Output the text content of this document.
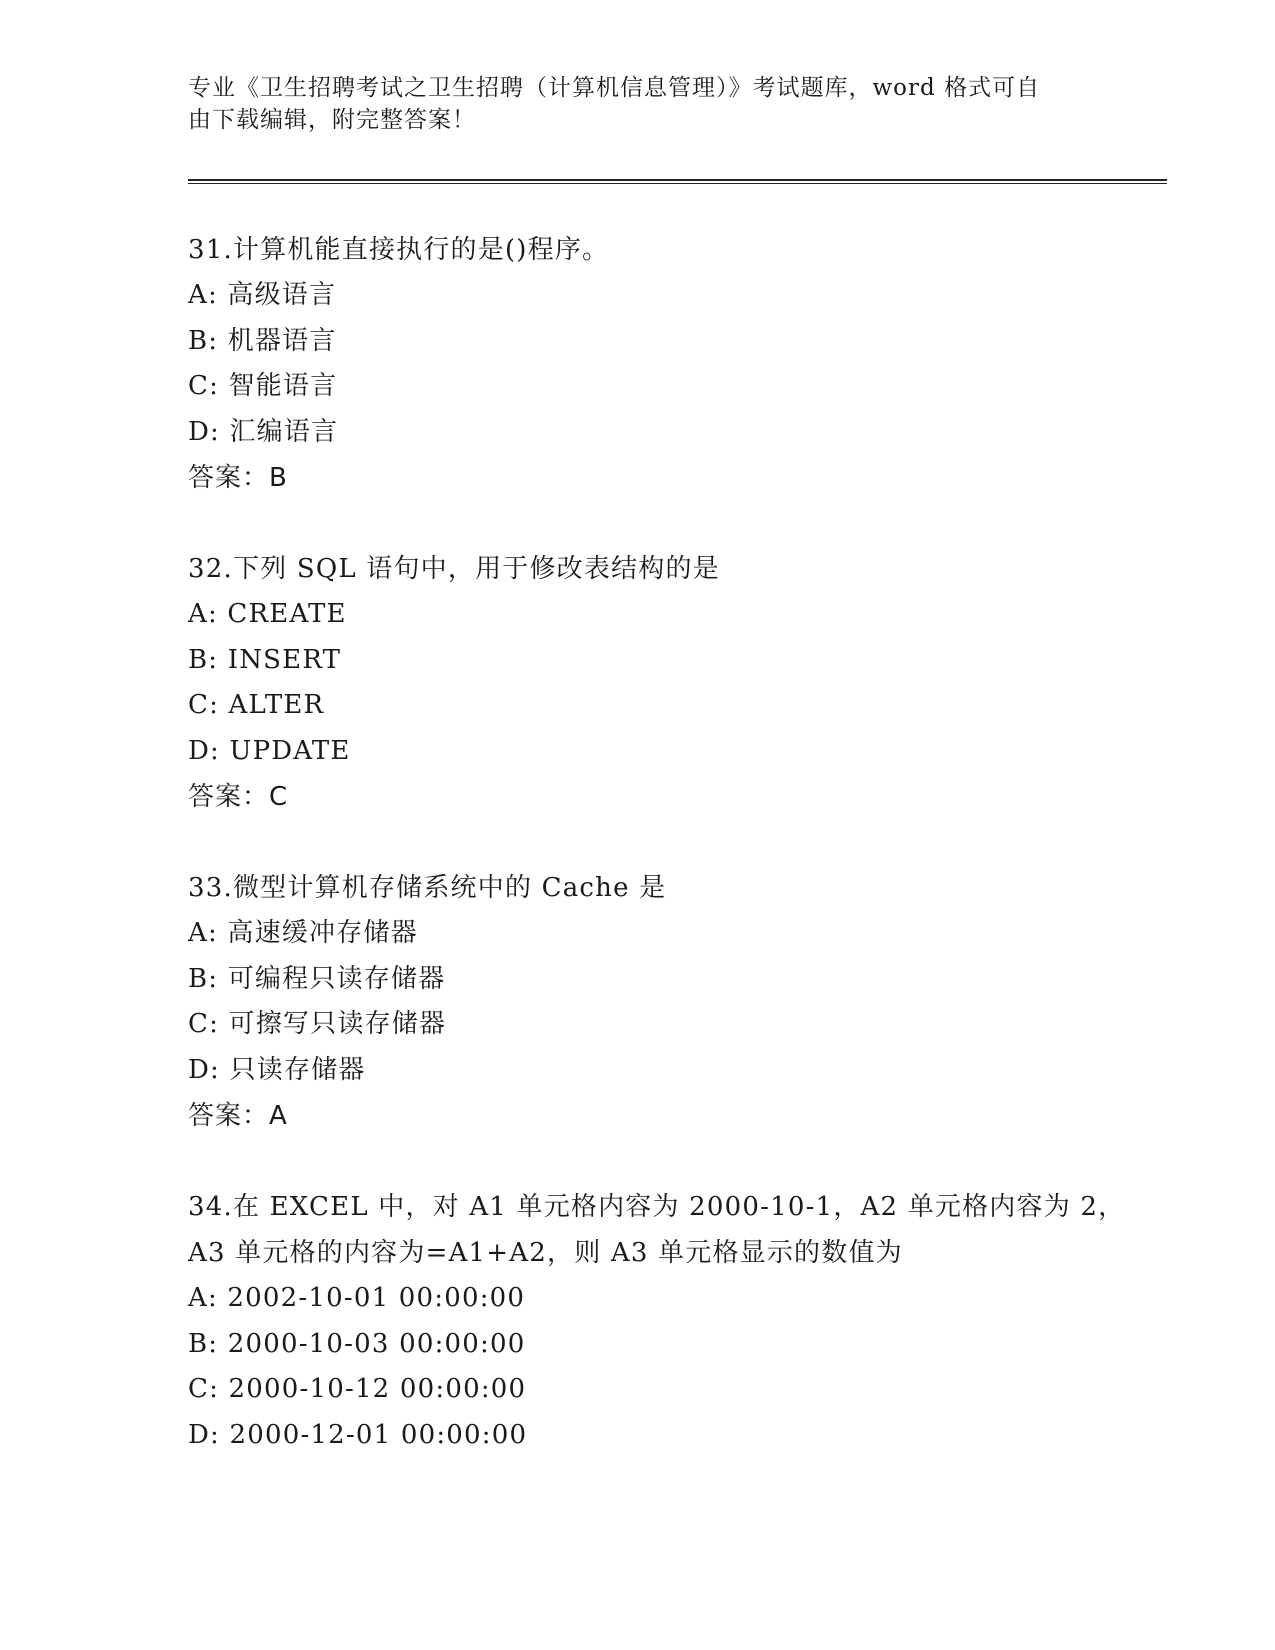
专业《卫生招聘考试之卫生招聘（计算机信息管理）》考试题库，word 格式可自
由下载编辑，附完整答案！

31.计算机能直接执行的是()程序。

A: 高级语言

B: 机器语言

C: 智能语言

D: 汇编语言

答案：B

32.下列 SQL 语句中，用于修改表结构的是

A: CREATE

B: INSERT

C: ALTER

D: UPDATE

答案：C

33.微型计算机存储系统中的 Cache 是

A: 高速缓冲存储器

B: 可编程只读存储器

C: 可擦写只读存储器

D: 只读存储器

答案：A

34.在 EXCEL 中，对 A1 单元格内容为 2000-10-1，A2 单元格内容为 2，

A3 单元格的内容为=A1+A2，则 A3 单元格显示的数值为

A: 2002-10-01 00:00:00

B: 2000-10-03 00:00:00

C: 2000-10-12 00:00:00

D: 2000-12-01 00:00:00
